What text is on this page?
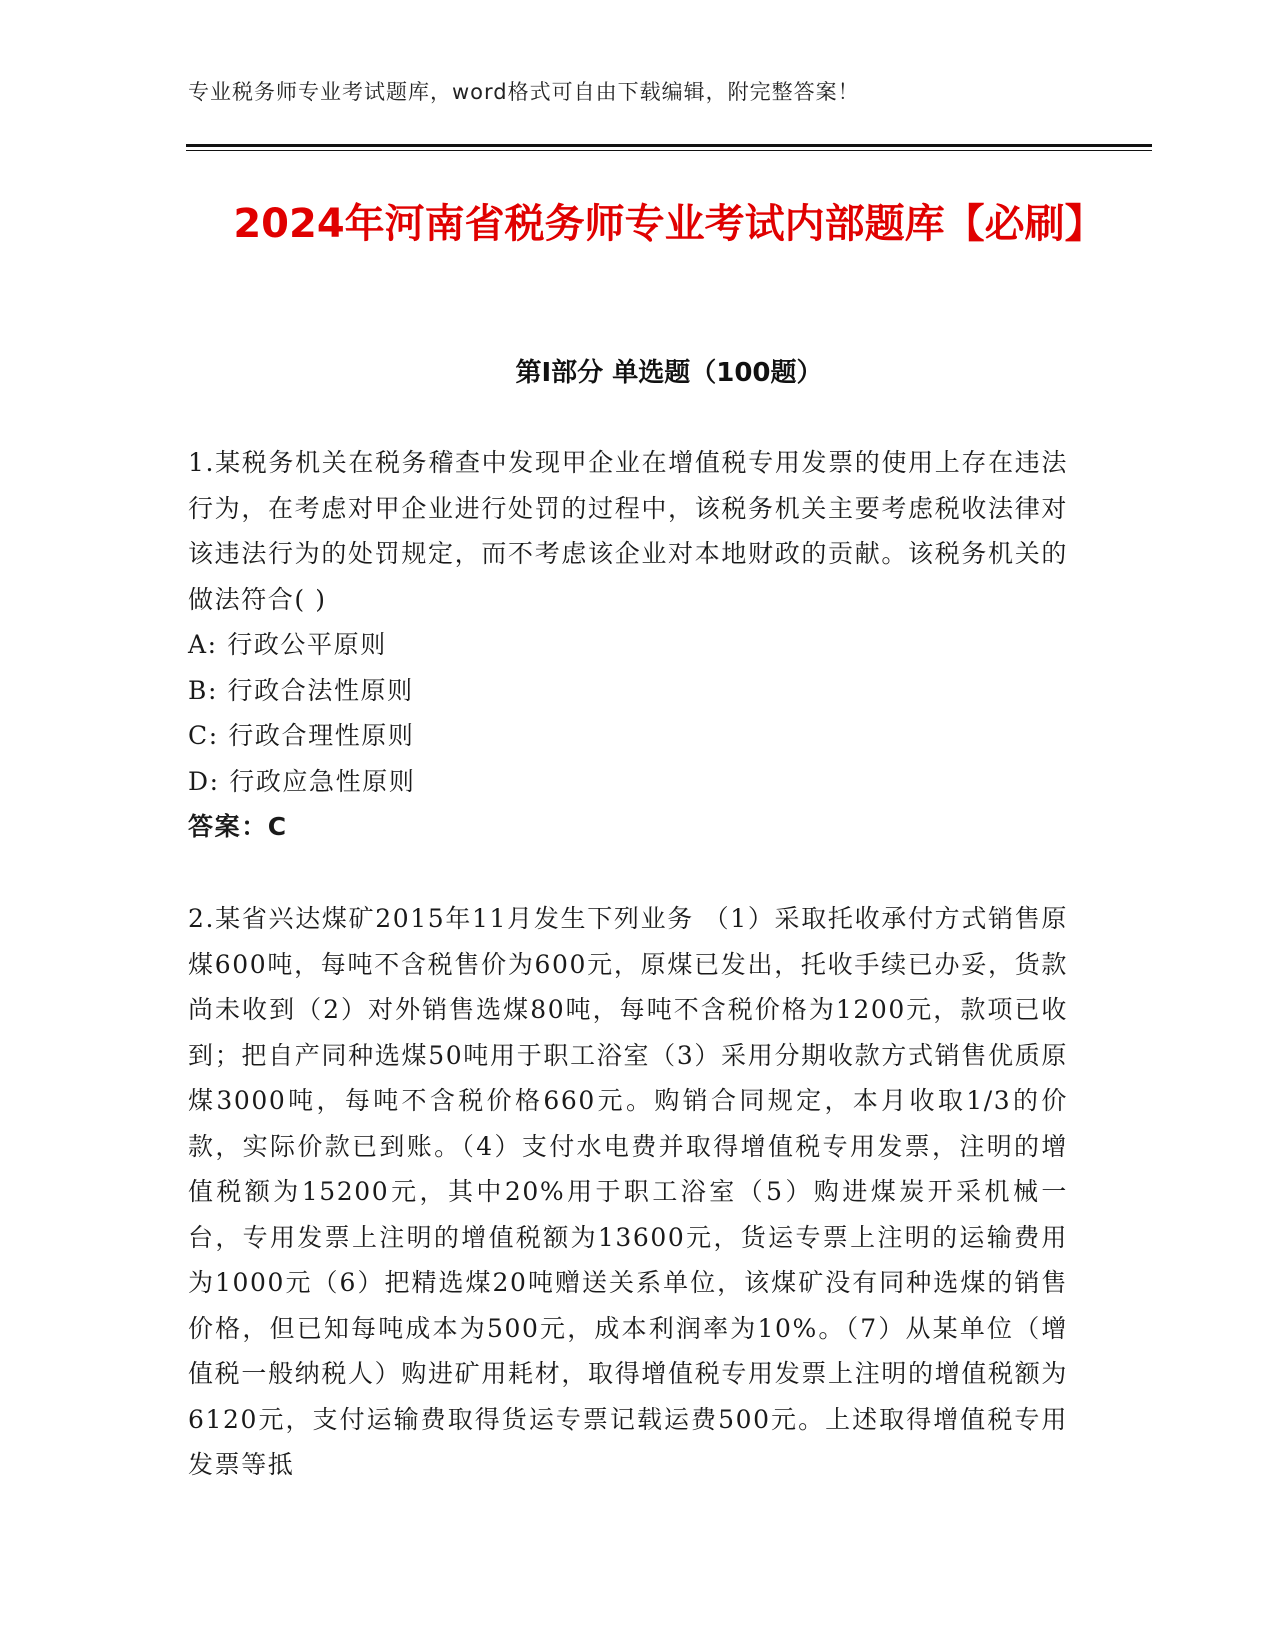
专业税务师专业考试题库，word格式可自由下载编辑，附完整答案！
2024年河南省税务师专业考试内部题库【必刷】
第Ⅰ部分 单选题（100题）

1.某税务机关在税务稽查中发现甲企业在增值税专用发票的使用上存在违法行为，在考虑对甲企业进行处罚的过程中，该税务机关主要考虑税收法律对该违法行为的处罚规定，而不考虑该企业对本地财政的贡献。该税务机关的做法符合( )

A: 行政公平原则

B: 行政合法性原则

C: 行政合理性原则

D: 行政应急性原则

答案：C

2.某省兴达煤矿2015年11月发生下列业务 （1）采取托收承付方式销售原煤600吨，每吨不含税售价为600元，原煤已发出，托收手续已办妥，货款尚未收到（2）对外销售选煤80吨，每吨不含税价格为1200元，款项已收到；把自产同种选煤50吨用于职工浴室（3）采用分期收款方式销售优质原煤3000吨，每吨不含税价格660元。购销合同规定，本月收取1/3的价款，实际价款已到账。（4）支付水电费并取得增值税专用发票，注明的增值税额为15200元，其中20%用于职工浴室（5）购进煤炭开采机械一台，专用发票上注明的增值税额为13600元，货运专票上注明的运输费用为1000元（6）把精选煤20吨赠送关系单位，该煤矿没有同种选煤的销售价格，但已知每吨成本为500元，成本利润率为10%。（7）从某单位（增值税一般纳税人）购进矿用耗材，取得增值税专用发票上注明的增值税额为6120元，支付运输费取得货运专票记载运费500元。上述取得增值税专用发票等抵
